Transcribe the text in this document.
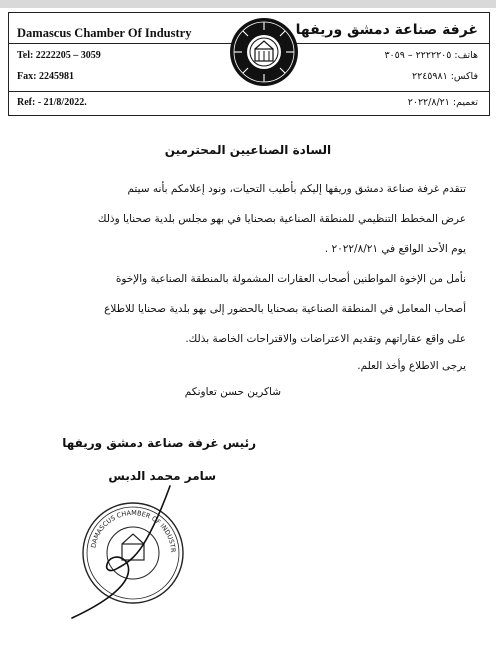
Damascus Chamber Of Industry
Tel: 2222205 – 3059
Fax: 2245981
Ref: - 21/8/2022.
غرفة صناعة دمشق وريفها
هاتف: ٢٢٢٢٢٠٥ – ٣٠٥٩
فاكس: ٢٢٤٥٩٨١
تعميم: ٢٠٢٢/٨/٢١
السادة الصناعيين المحترمين
تتقدم غرفة صناعة دمشق وريفها إليكم بأطيب التحيات، ونود إعلامكم بأنه سيتم
عرض المخطط التنظيمي للمنطقة الصناعية بصحنايا في بهو مجلس بلدية صحنايا وذلك
يوم الأحد الواقع في ٢٠٢٢/٨/٢١ .
نأمل من الإخوة المواطنين أصحاب العقارات المشمولة بالمنطقة الصناعية والإخوة
أصحاب المعامل في المنطقة الصناعية بصحنايا بالحضور إلى بهو بلدية صحنايا للاطلاع
على واقع عقاراتهم وتقديم الاعتراضات والاقتراحات الخاصة بذلك.
يرجى الاطلاع وأخذ العلم.
شاكرين حسن تعاونكم
رئيس غرفة صناعة دمشق وريفها
سامر محمد الدبس
DAMASCUS CHAMBER OF INDUSTR
